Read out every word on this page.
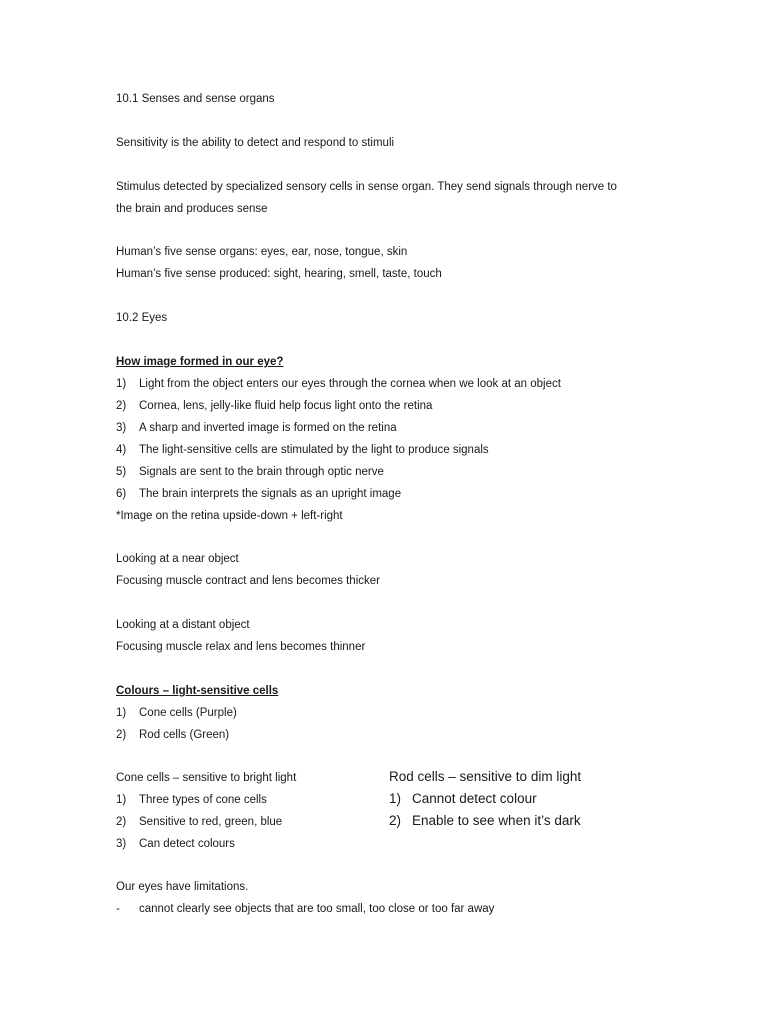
10.1 Senses and sense organs
Sensitivity is the ability to detect and respond to stimuli
Stimulus detected by specialized sensory cells in sense organ. They send signals through nerve to
the brain and produces sense
Human’s five sense organs: eyes, ear, nose, tongue, skin
Human’s five sense produced: sight, hearing, smell, taste, touch
10.2 Eyes
How image formed in our eye?
1) Light from the object enters our eyes through the cornea when we look at an object
2) Cornea, lens, jelly-like fluid help focus light onto the retina
3) A sharp and inverted image is formed on the retina
4) The light-sensitive cells are stimulated by the light to produce signals
5) Signals are sent to the brain through optic nerve
6) The brain interprets the signals as an upright image
*Image on the retina upside-down + left-right
Looking at a near object
Focusing muscle contract and lens becomes thicker
Looking at a distant object
Focusing muscle relax and lens becomes thinner
Colours – light-sensitive cells
1) Cone cells (Purple)
2) Rod cells (Green)
Cone cells – sensitive to bright light
1) Three types of cone cells
2) Sensitive to red, green, blue
3) Can detect colours
Rod cells – sensitive to dim light
1) Cannot detect colour
2) Enable to see when it’s dark
Our eyes have limitations.
- cannot clearly see objects that are too small, too close or too far away
